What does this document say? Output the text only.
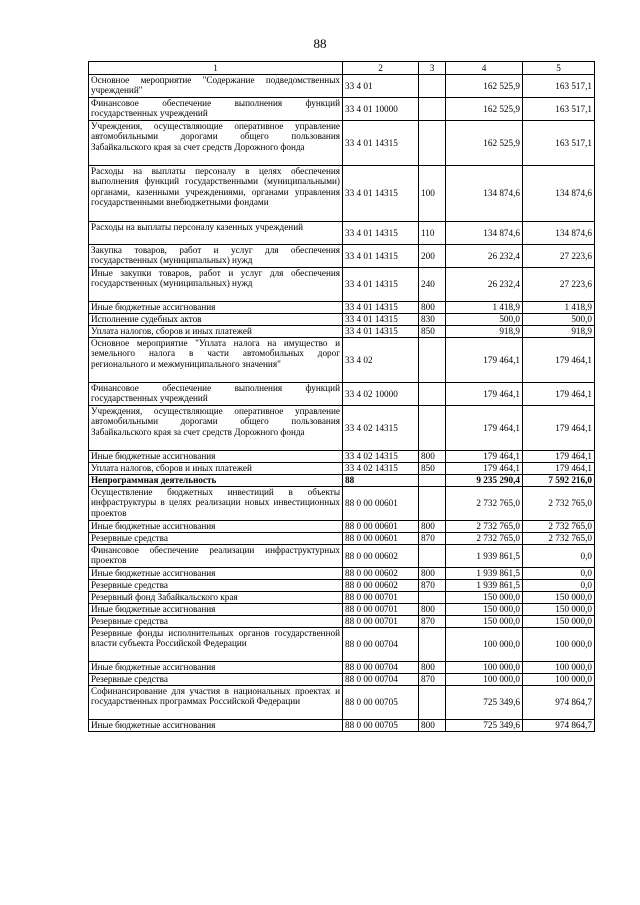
88
1	2	3	4	5
Основное мероприятие "Содержание подведомственных учреждений"	33 4 01		162 525,9	163 517,1
Финансовое обеспечение выполнения функций государственных учреждений	33 4 01 10000		162 525,9	163 517,1
Учреждения, осуществляющие оперативное управление автомобильными дорогами общего пользования Забайкальского края за счет средств Дорожного фонда	33 4 01 14315		162 525,9	163 517,1
Расходы на выплаты персоналу в целях обеспечения выполнения функций государственными (муниципальными) органами, казенными учреждениями, органами управления государственными внебюджетными фондами	33 4 01 14315	100	134 874,6	134 874,6
Расходы на выплаты персоналу казенных учреждений	33 4 01 14315	110	134 874,6	134 874,6
Закупка товаров, работ и услуг для обеспечения государственных (муниципальных) нужд	33 4 01 14315	200	26 232,4	27 223,6
Иные закупки товаров, работ и услуг для обеспечения государственных (муниципальных) нужд	33 4 01 14315	240	26 232,4	27 223,6
Иные бюджетные ассигнования	33 4 01 14315	800	1 418,9	1 418,9
Исполнение судебных актов	33 4 01 14315	830	500,0	500,0
Уплата налогов, сборов и иных платежей	33 4 01 14315	850	918,9	918,9
Основное мероприятие "Уплата налога на имущество и земельного налога в части автомобильных дорог регионального и межмуниципального значения"	33 4 02		179 464,1	179 464,1
Финансовое обеспечение выполнения функций государственных учреждений	33 4 02 10000		179 464,1	179 464,1
Учреждения, осуществляющие оперативное управление автомобильными дорогами общего пользования Забайкальского края за счет средств Дорожного фонда	33 4 02 14315		179 464,1	179 464,1
Иные бюджетные ассигнования	33 4 02 14315	800	179 464,1	179 464,1
Уплата налогов, сборов и иных платежей	33 4 02 14315	850	179 464,1	179 464,1
Непрограммная деятельность	88		9 235 290,4	7 592 216,0
Осуществление бюджетных инвестиций в объекты инфраструктуры в целях реализации новых инвестиционных проектов	88 0 00 00601		2 732 765,0	2 732 765,0
Иные бюджетные ассигнования	88 0 00 00601	800	2 732 765,0	2 732 765,0
Резервные средства	88 0 00 00601	870	2 732 765,0	2 732 765,0
Финансовое обеспечение реализации инфраструктурных проектов	88 0 00 00602		1 939 861,5	0,0
Иные бюджетные ассигнования	88 0 00 00602	800	1 939 861,5	0,0
Резервные средства	88 0 00 00602	870	1 939 861,5	0,0
Резервный фонд Забайкальского края	88 0 00 00701		150 000,0	150 000,0
Иные бюджетные ассигнования	88 0 00 00701	800	150 000,0	150 000,0
Резервные средства	88 0 00 00701	870	150 000,0	150 000,0
Резервные фонды исполнительных органов государственной власти субъекта Российской Федерации	88 0 00 00704		100 000,0	100 000,0
Иные бюджетные ассигнования	88 0 00 00704	800	100 000,0	100 000,0
Резервные средства	88 0 00 00704	870	100 000,0	100 000,0
Софинансирование для участия в национальных проектах и государственных программах Российской Федерации	88 0 00 00705		725 349,6	974 864,7
Иные бюджетные ассигнования	88 0 00 00705	800	725 349,6	974 864,7
